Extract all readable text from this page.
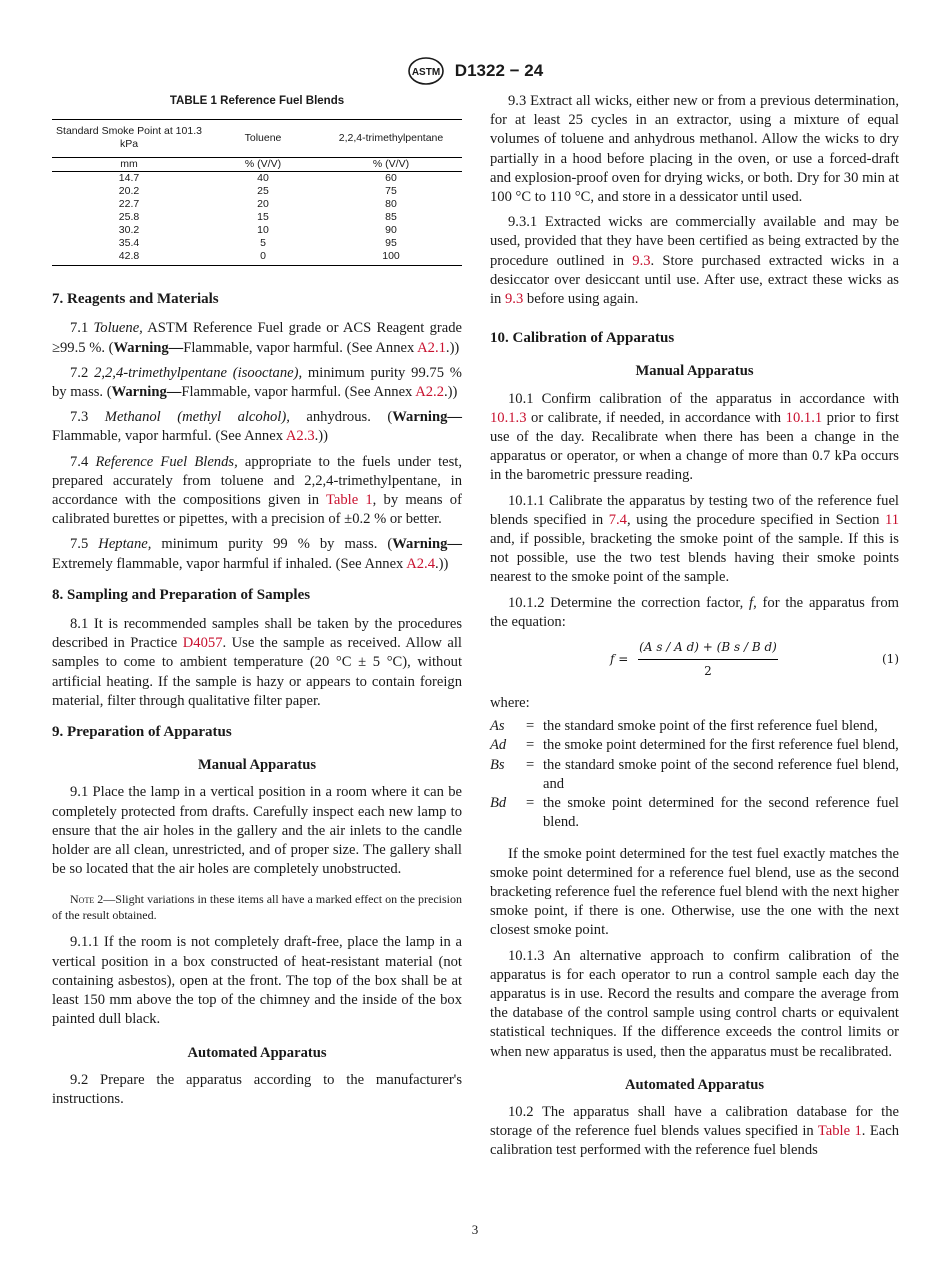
ASTM D1322 − 24
TABLE 1 Reference Fuel Blends
Standard Smoke Point at 101.3 kPa	Toluene	2,2,4-trimethylpentane
mm	% (V/V)	% (V/V)
14.7	40	60
20.2	25	75
22.7	20	80
25.8	15	85
30.2	10	90
35.4	5	95
42.8	0	100
7. Reagents and Materials

7.1 Toluene, ASTM Reference Fuel grade or ACS Reagent grade ≥99.5 %. (Warning—Flammable, vapor harmful. (See Annex A2.1.))

7.2 2,2,4-trimethylpentane (isooctane), minimum purity 99.75 % by mass. (Warning—Flammable, vapor harmful. (See Annex A2.2.))

7.3 Methanol (methyl alcohol), anhydrous. (Warning—Flammable, vapor harmful. (See Annex A2.3.))

7.4 Reference Fuel Blends, appropriate to the fuels under test, prepared accurately from toluene and 2,2,4-trimethylpentane, in accordance with the compositions given in Table 1, by means of calibrated burettes or pipettes, with a precision of ±0.2 % or better.

7.5 Heptane, minimum purity 99 % by mass. (Warning—Extremely flammable, vapor harmful if inhaled. (See Annex A2.4.))

8. Sampling and Preparation of Samples

8.1 It is recommended samples shall be taken by the procedures described in Practice D4057. Use the sample as received. Allow all samples to come to ambient temperature (20 °C ± 5 °C), without artificial heating. If the sample is hazy or appears to contain foreign material, filter through qualitative filter paper.

9. Preparation of Apparatus
Manual Apparatus

9.1 Place the lamp in a vertical position in a room where it can be completely protected from drafts. Carefully inspect each new lamp to ensure that the air holes in the gallery and the air inlets to the candle holder are all clean, unrestricted, and of proper size. The gallery shall be so located that the air holes are completely unobstructed.

Note 2—Slight variations in these items all have a marked effect on the precision of the result obtained.

9.1.1 If the room is not completely draft-free, place the lamp in a vertical position in a box constructed of heat-resistant material (not containing asbestos), open at the front. The top of the box shall be at least 150 mm above the top of the chimney and the inside of the box painted dull black.

Automated Apparatus

9.2 Prepare the apparatus according to the manufacturer's instructions.

9.3 Extract all wicks, either new or from a previous determination, for at least 25 cycles in an extractor, using a mixture of equal volumes of toluene and anhydrous methanol. Allow the wicks to dry partially in a hood before placing in the oven, or use a forced-draft and explosion-proof oven for drying wicks, or both. Dry for 30 min at 100 °C to 110 °C, and store in a dessicator until used.

9.3.1 Extracted wicks are commercially available and may be used, provided that they have been certified as being extracted by the procedure outlined in 9.3. Store purchased extracted wicks in a desiccator over desiccant until use. After use, extract these wicks as in 9.3 before using again.

10. Calibration of Apparatus
Manual Apparatus

10.1 Confirm calibration of the apparatus in accordance with 10.1.3 or calibrate, if needed, in accordance with 10.1.1 prior to first use of the day. Recalibrate when there has been a change in the apparatus or operator, or when a change of more than 0.7 kPa occurs in the barometric pressure reading.

10.1.1 Calibrate the apparatus by testing two of the reference fuel blends specified in 7.4, using the procedure specified in Section 11 and, if possible, bracketing the smoke point of the sample. If this is not possible, use the two test blends having their smoke points nearest to the smoke point of the sample.

10.1.2 Determine the correction factor, f, for the apparatus from the equation:

$f = \frac{\text{(A s / A d) + (B s / B d)}}{2}$	(1)

where:

As	= the standard smoke point of the first reference fuel blend,
Ad	= the smoke point determined for the first reference fuel blend,
Bs	= the standard smoke point of the second reference fuel blend, and
Bd	= the smoke point determined for the second reference fuel blend.

If the smoke point determined for the test fuel exactly matches the smoke point determined for a reference fuel blend, use as the second bracketing reference fuel the reference fuel blend with the next higher smoke point, if there is one. Otherwise, use the one with the next closest smoke point.

10.1.3 An alternative approach to confirm calibration of the apparatus is for each operator to run a control sample each day the apparatus is in use. Record the results and compare the average from the database of the control sample using control charts or equivalent statistical techniques. If the difference exceeds the control limits or when new apparatus is used, then the apparatus must be recalibrated.

Automated Apparatus

10.2 The apparatus shall have a calibration database for the storage of the reference fuel blends values specified in Table 1. Each calibration test performed with the reference fuel blends

3
